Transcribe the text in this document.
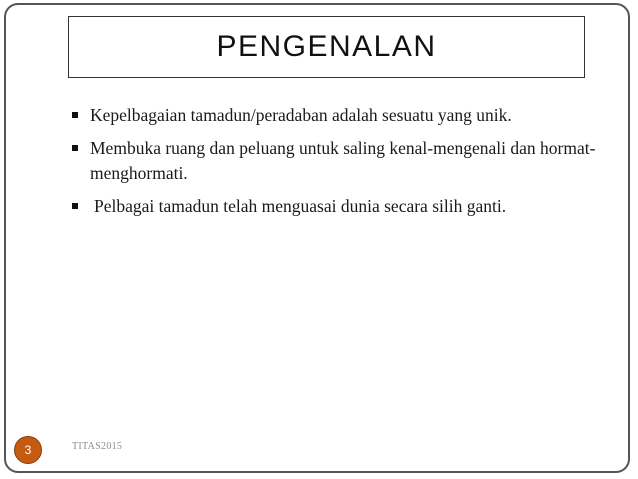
PENGENALAN
Kepelbagaian tamadun/peradaban adalah sesuatu yang unik.
Membuka ruang dan peluang untuk saling kenal-mengenali dan hormat-menghormati.
Pelbagai tamadun telah menguasai dunia secara silih ganti.
3	TITAS2015
